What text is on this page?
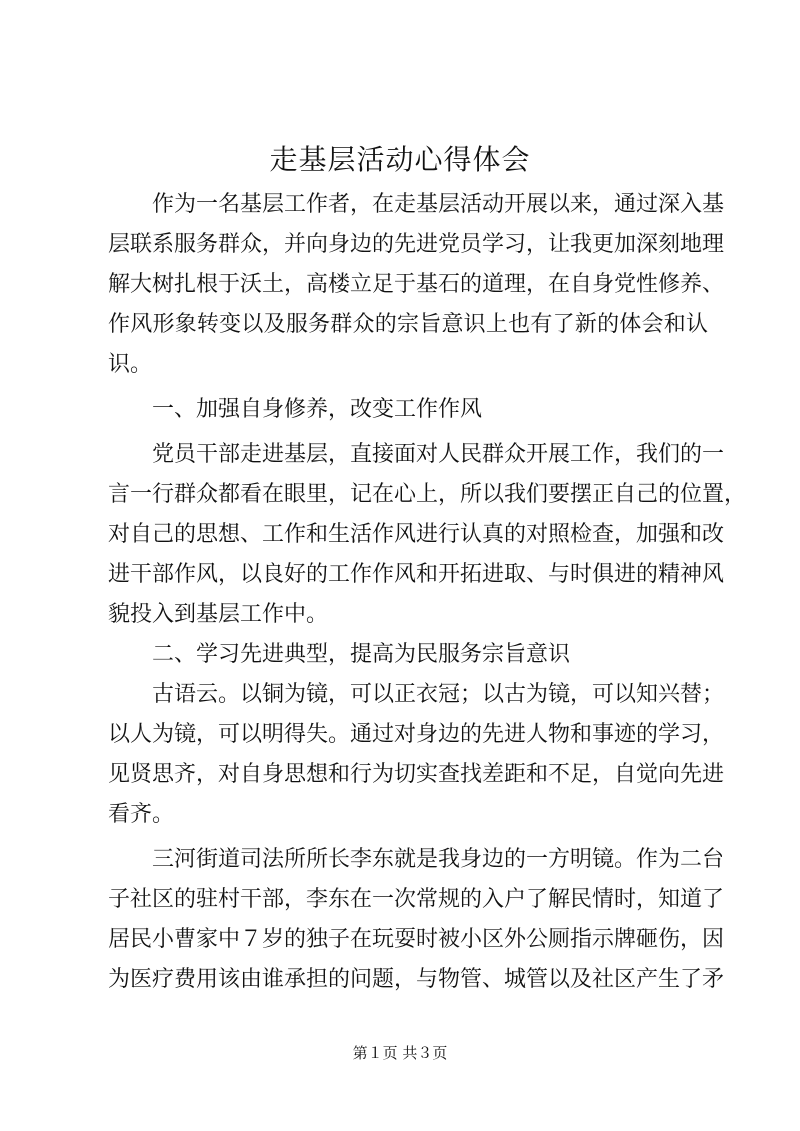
走基层活动心得体会

作为一名基层工作者，在走基层活动开展以来，通过深入基

层联系服务群众，并向身边的先进党员学习，让我更加深刻地理

解大树扎根于沃土，高楼立足于基石的道理，在自身党性修养、

作风形象转变以及服务群众的宗旨意识上也有了新的体会和认

识。

一、加强自身修养，改变工作作风

党员干部走进基层，直接面对人民群众开展工作，我们的一

言一行群众都看在眼里，记在心上，所以我们要摆正自己的位置，

对自己的思想、工作和生活作风进行认真的对照检查，加强和改

进干部作风，以良好的工作作风和开拓进取、与时俱进的精神风

貌投入到基层工作中。

二、学习先进典型，提高为民服务宗旨意识

古语云。以铜为镜，可以正衣冠；以古为镜，可以知兴替；

以人为镜，可以明得失。通过对身边的先进人物和事迹的学习，

见贤思齐，对自身思想和行为切实查找差距和不足，自觉向先进

看齐。

三河街道司法所所长李东就是我身边的一方明镜。作为二台

子社区的驻村干部，李东在一次常规的入户了解民情时，知道了

居民小曹家中７岁的独子在玩耍时被小区外公厕指示牌砸伤，因

为医疗费用该由谁承担的问题，与物管、城管以及社区产生了矛

第１页 共３页
